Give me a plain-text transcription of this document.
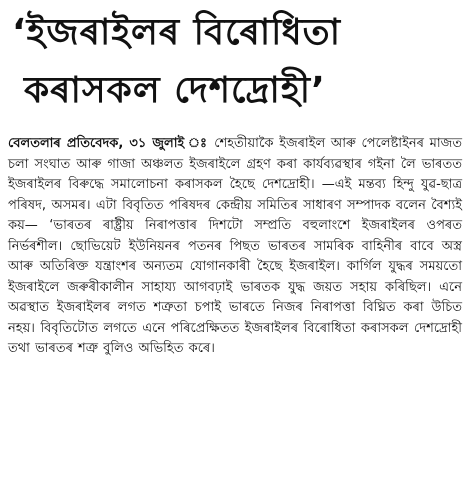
‘ইজৰাইলৰ বিৰোধিতা
কৰাসকল দেশদ্ৰোহী’

বেলতলাৰ প্ৰতিবেদক, ৩১ জুলাই ঃ শেহতীয়াকৈ ইজৰাইল আৰু পেলেষ্টাইনৰ মাজত চলা সংঘাত আৰু গাজা অঞ্চলত ইজৰাইলে গ্ৰহণ কৰা কাৰ্যব্যৱস্থাৰ গইনা লৈ ভাৰতত ইজৰাইলৰ বিৰুদ্ধে সমালোচনা কৰাসকল হৈছে দেশদ্ৰোহী। —এই মন্তব্য হিন্দু যুৱ-ছাত্ৰ পৰিষদ, অসমৰ। এটা বিবৃতিত পৰিষদৰ কেন্দ্ৰীয় সমিতিৰ সাধাৰণ সম্পাদক বলেন বৈশ্যই কয়— ‘ভাৰতৰ ৰাষ্ট্ৰীয় নিৰাপত্তাৰ দিশটো সম্প্ৰতি বহুলাংশে ইজৰাইলৰ ওপৰত নিৰ্ভৰশীল। ছোভিয়েট ইউনিয়নৰ পতনৰ পিছত ভাৰতৰ সামৰিক বাহিনীৰ বাবে অস্ত্ৰ আৰু অতিৰিক্ত যন্ত্ৰাংশৰ অন্যতম যোগানকাৰী হৈছে ইজৰাইল। কাৰ্গিল যুদ্ধৰ সময়তো ইজৰাইলে জৰুৰীকালীন সাহায্য আগবঢ়াই ভাৰতক যুদ্ধ জয়ত সহায় কৰিছিল। এনে অৱস্থাত ইজৰাইলৰ লগত শত্ৰুতা চপাই ভাৰতে নিজৰ নিৰাপত্তা বিঘ্নিত কৰা উচিত নহয়। বিবৃতিটোত লগতে এনে পৰিপ্ৰেক্ষিতত ইজৰাইলৰ বিৰোধিতা কৰাসকল দেশদ্ৰোহী তথা ভাৰতৰ শত্ৰু বুলিও অভিহিত কৰে।
